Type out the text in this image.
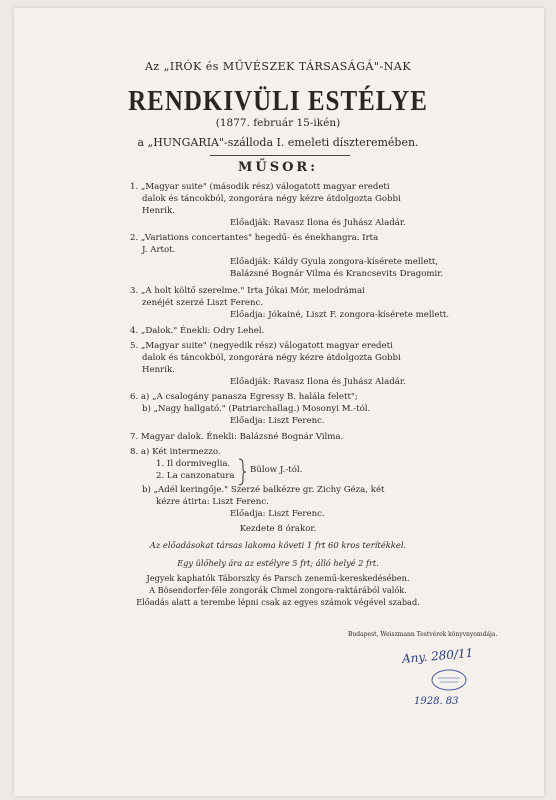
Az „IRÓK és MŰVÉSZEK TÁRSASÁGÁ"-NAK
RENDKIVÜLI ESTÉLYE
(1877. február 15-ikén)
a „HUNGARIA"-szálloda I. emeleti díszteremében.
MŰSOR:

1. „Magyar suite" (második rész) válogatott magyar eredeti

dalok és táncokból, zongorára négy kézre átdolgozta Gobbi

Henrik.

Előadják: Ravasz Ilona és Juhász Aladár.

2. „Variations concertantes" hegedű- és énekhangra. Irta

J. Artot.

Előadják: Káldy Gyula zongora-kísérete mellett,

Balázsné Bognár Vilma és Krancsevits Dragomir.

3. „A holt költő szerelme." Irta Jókai Mór, melodrámai

zenéjét szerzé Liszt Ferenc.

Előadja: Jókainé, Liszt F. zongora-kísérete mellett.

4. „Dalok." Énekli: Odry Lehel.

5. „Magyar suite" (negyedik rész) válogatott magyar eredeti

dalok és táncokból, zongorára négy kézre átdolgozta Gobbi

Henrik.

Előadják: Ravasz Ilona és Juhász Aladár.

6. a) „A csalogány panasza Egressy B. halála felett";

b) „Nagy hallgató." (Patriarchallag.) Mosonyi M.-tól.

Előadja: Liszt Ferenc.

7. Magyar dalok. Énekli: Balázsné Bognár Vilma.

8. a) Két intermezzo.

1. Il dormiveglia.

2. La canzonatura

b) „Adél keringője." Szerzé balkézre gr. Zichy Géza, két

kézre átirta: Liszt Ferenc.

Előadja: Liszt Ferenc.

Bülow J.-tól.
Kezdete 8 órakor.
Az előadásokat társas lakoma követi 1 frt 60 kros terítékkel.
Egy ülőhely ára az estélyre 5 frt; álló helyé 2 frt.
Jegyek kaphatók Táborszky és Parsch zenemű-kereskedésében.
A Bösendorfer-féle zongorák Chmel zongora-raktárából valók.
Előadás alatt a terembe lépni csak az egyes számok végével szabad.
Budapest, Weiszmann Testvérek könyvnyomdája.
Any. 280/11
1928. 83
